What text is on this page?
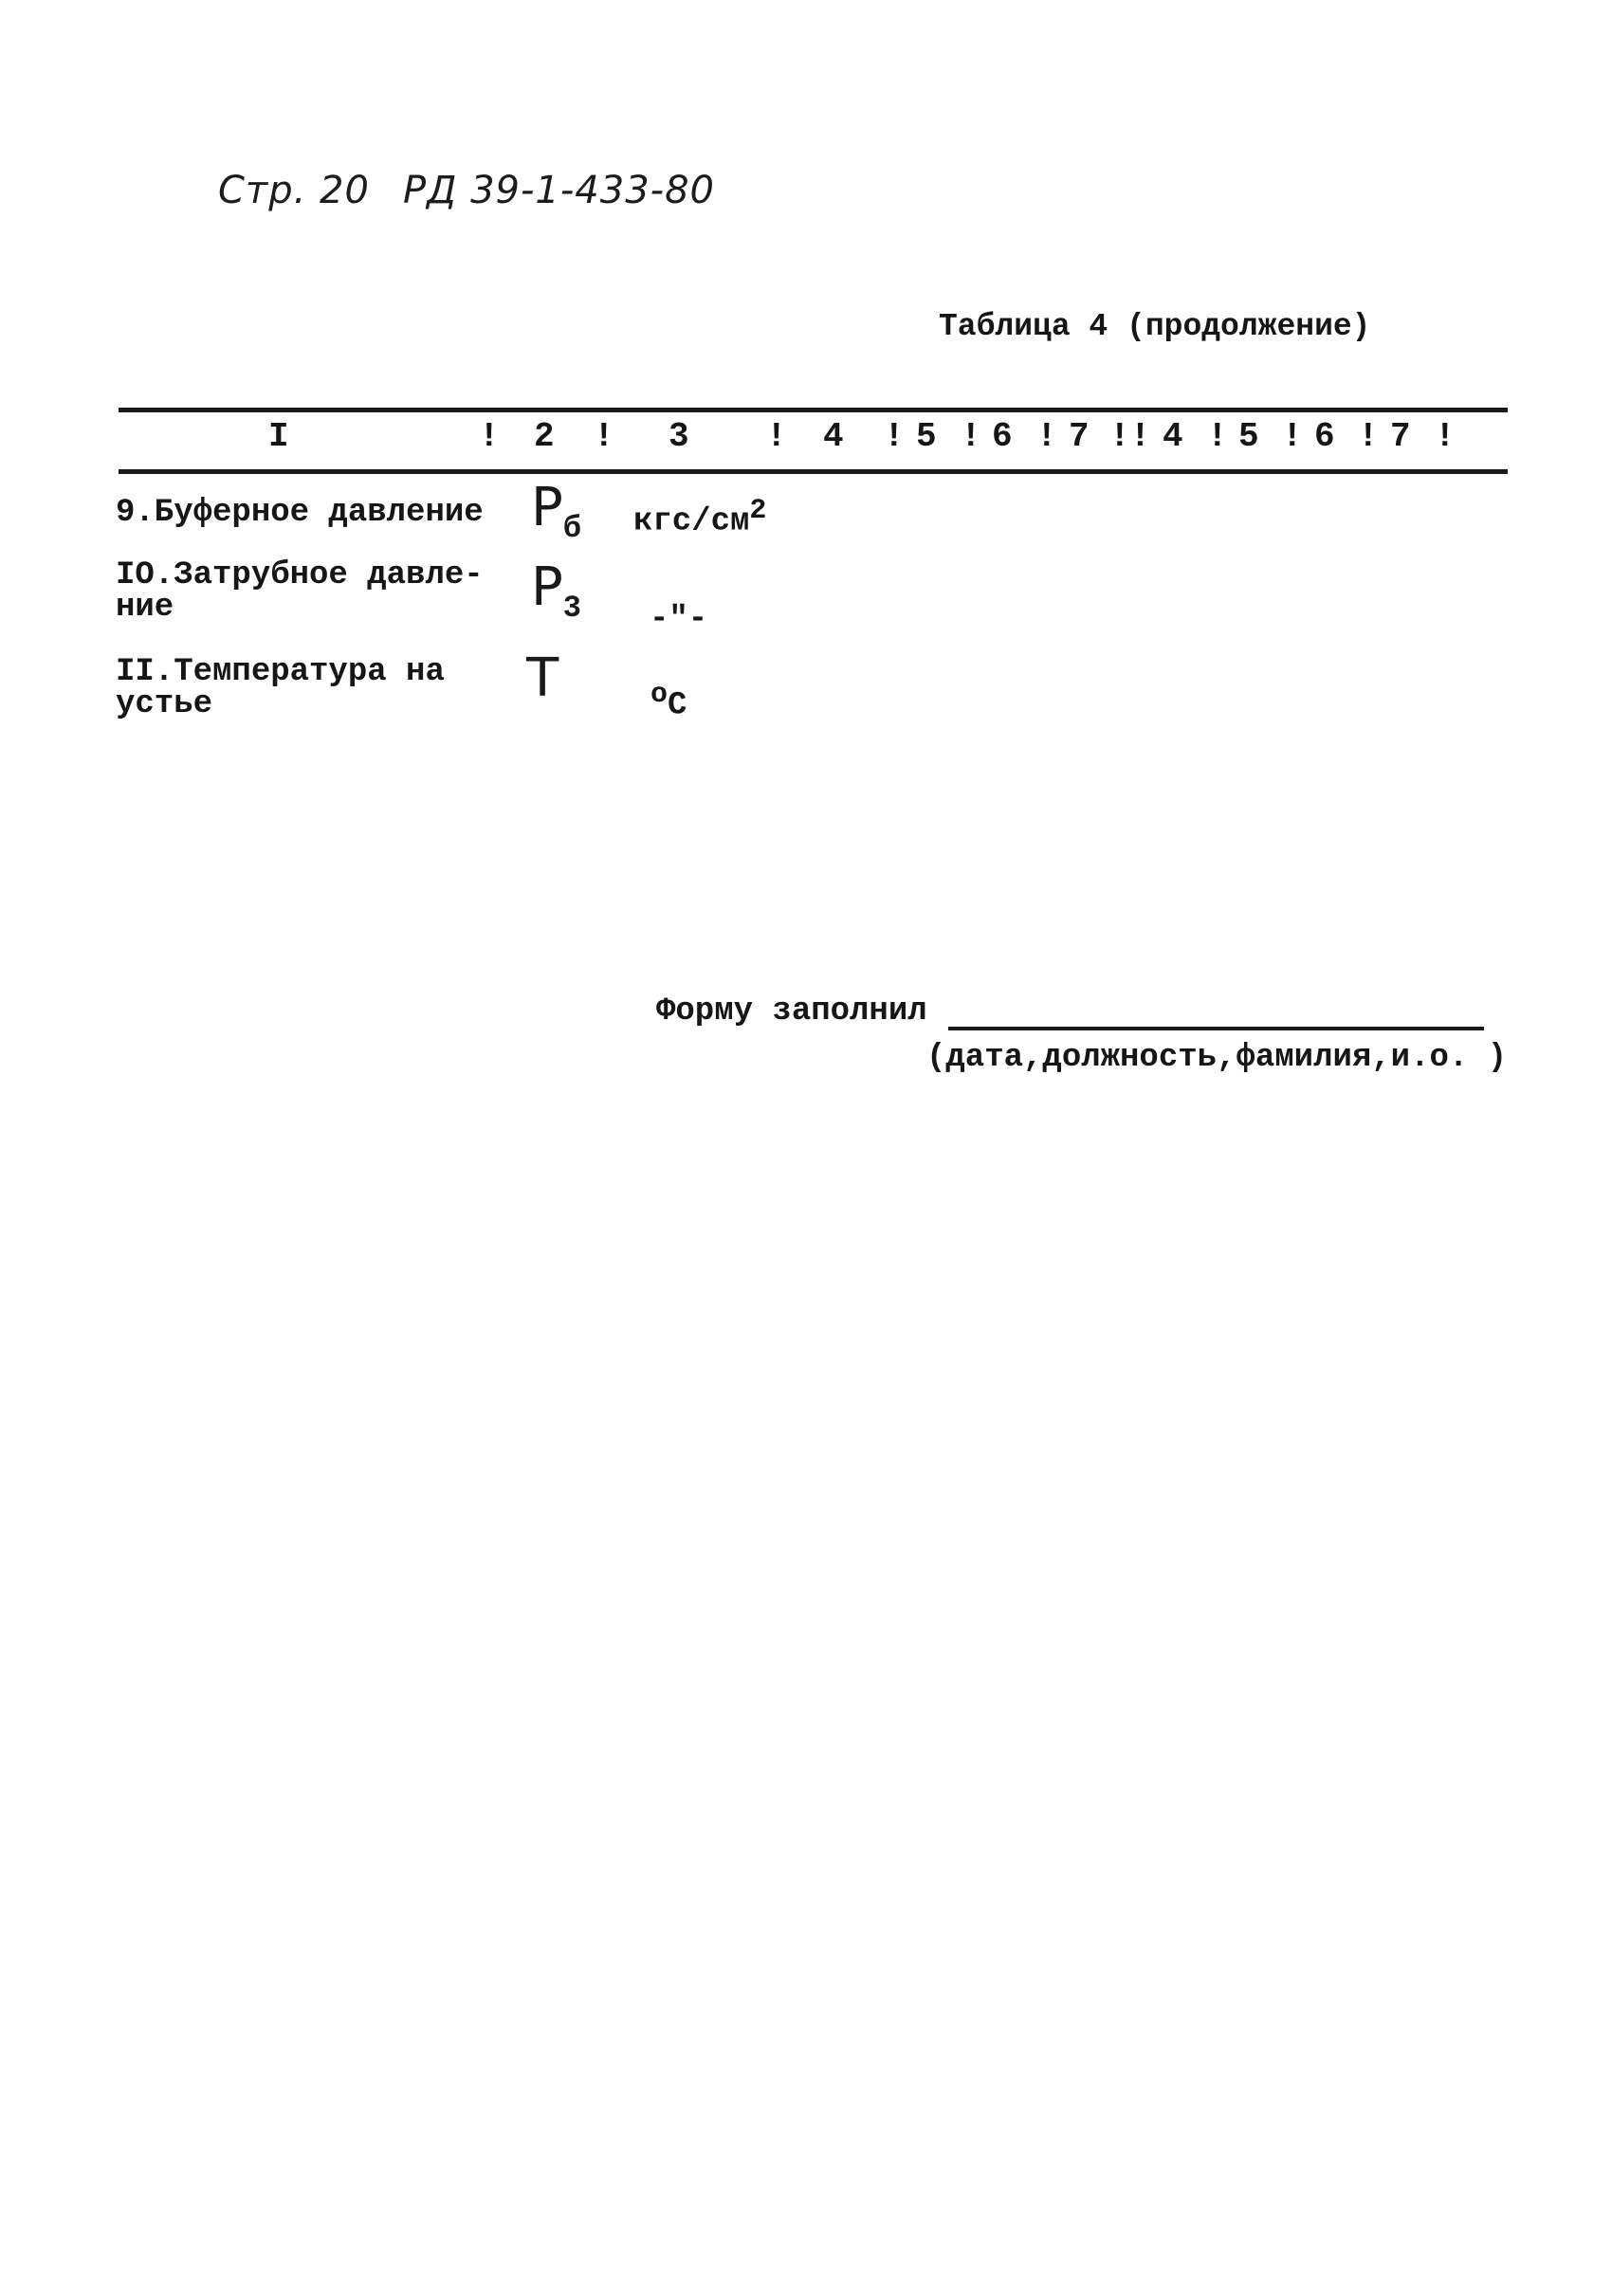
Стр. 20 РД 39-1-433-80
Таблица 4 (продолжение)
I	! 2 ! 3 ! 4 ! 5 ! 6 ! 7 !! 4 ! 5 ! 6 ! 7 !
9.Буферное давление $P_б$ кгс/$см^2$
IO.Затрубное давле-
ние	$P_3$ -"-
II.Температура на
устье	T	$^o$C
Форму заполнил
(дата,должность,фамилия,и.о. )
